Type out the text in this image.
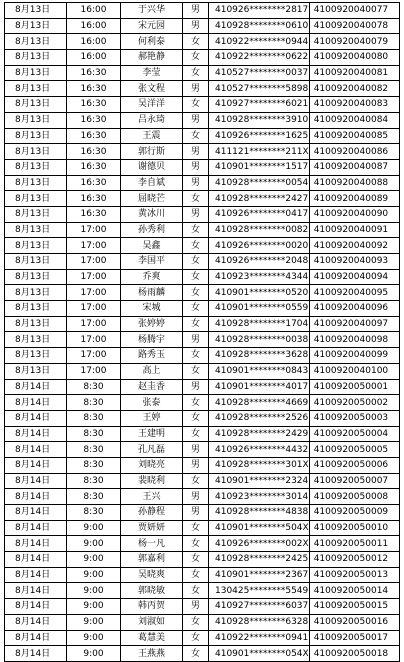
8月13日	16:00	于兴华	男	410926********2817	4100920040077
8月13日	16:00	宋元园	男	410928********0610	4100920040078
8月13日	16:00	何利泰	女	410922********0944	4100920040079
8月13日	16:00	郝艳静	女	410922********0622	4100920040080
8月13日	16:30	李莹	女	410527********0037	4100920040081
8月13日	16:30	张文程	男	410527********5898	4100920040082
8月13日	16:30	吴洋洋	女	410927********6021	4100920040083
8月13日	16:30	吕永琦	男	410928********3910	4100920040084
8月13日	16:30	王震	女	410926********1625	4100920040085
8月13日	16:30	郭行斯	男	411121********211X	4100920040086
8月13日	16:30	谢德贝	男	410901********1517	4100920040087
8月13日	16:30	李自斌	男	410928********0054	4100920040088
8月13日	16:30	屈晓芒	女	410928********2427	4100920040089
8月13日	16:30	黄冰川	男	410926********0417	4100920040090
8月13日	17:00	孙秀利	女	410928********0082	4100920040091
8月13日	17:00	吴鑫	女	410926********0020	4100920040092
8月13日	17:00	李国平	女	410926********2048	4100920040093
8月13日	17:00	乔爽	女	410923********4344	4100920040094
8月13日	17:00	杨雨麟	女	410901********0520	4100920040095
8月13日	17:00	宋城	女	410901********0559	4100920040096
8月13日	17:00	张婷婷	女	410928********1704	4100920040097
8月13日	17:00	杨腾宇	男	410928********0038	4100920040098
8月13日	17:00	路秀玉	女	410928********3628	4100920040099
8月13日	17:00	高上	女	410901********0843	4100920040100
8月14日	8:30	赵圭香	男	410901********4017	4100920050001
8月14日	8:30	张泰	女	410928********4669	4100920050002
8月14日	8:30	王婷	女	410928********2526	4100920050003
8月14日	8:30	王建明	女	410928********2429	4100920050004
8月14日	8:30	孔凡磊	男	410926********4432	4100920050005
8月14日	8:30	刘晓亮	男	410928********301X	4100920050006
8月14日	8:30	裴晓利	女	410901********2324	4100920050007
8月14日	8:30	王兴	男	410923********3014	4100920050008
8月14日	8:30	孙静程	男	410928********4838	4100920050009
8月14日	9:00	贾妍妍	女	410901********504X	4100920050010
8月14日	9:00	杨一凡	女	410926********002X	4100920050011
8月14日	9:00	郭嘉利	女	410928********2425	4100920050012
8月14日	9:00	吴晓爽	女	410901********2367	4100920050013
8月14日	9:00	郭晓敏	女	130425********5549	4100920050014
8月14日	9:00	韩丙贺	男	410927********6037	4100920050015
8月14日	9:00	刘淑如	女	410928********6328	4100920050016
8月14日	9:00	葛慧美	女	410922********0941	4100920050017
8月14日	9:00	王燕燕	女	410901********054X	4100920050018
